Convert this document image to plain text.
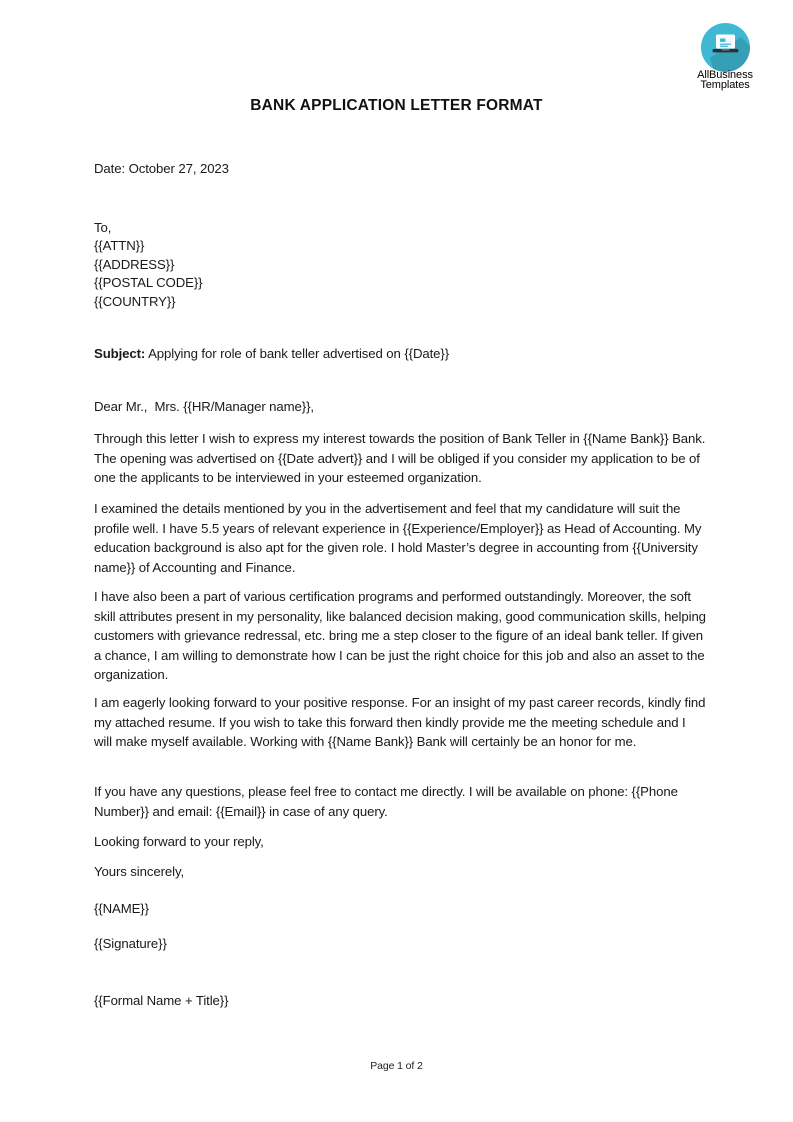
AllBusiness
Templates
BANK APPLICATION LETTER FORMAT
Date: October 27, 2023
To,
{{ATTN}}
{{ADDRESS}}
{{POSTAL CODE}}
{{COUNTRY}}
Subject: Applying for role of bank teller advertised on {{Date}}
Dear Mr.,  Mrs. {{HR/Manager name}},
Through this letter I wish to express my interest towards the position of Bank Teller in {{Name Bank}} Bank. The opening was advertised on {{Date advert}} and I will be obliged if you consider my application to be of one the applicants to be interviewed in your esteemed organization.
I examined the details mentioned by you in the advertisement and feel that my candidature will suit the profile well. I have 5.5 years of relevant experience in {{Experience/Employer}} as Head of Accounting. My education background is also apt for the given role. I hold Master’s degree in accounting from {{University name}} of Accounting and Finance.
I have also been a part of various certification programs and performed outstandingly. Moreover, the soft skill attributes present in my personality, like balanced decision making, good communication skills, helping customers with grievance redressal, etc. bring me a step closer to the figure of an ideal bank teller. If given a chance, I am willing to demonstrate how I can be just the right choice for this job and also an asset to the organization.
I am eagerly looking forward to your positive response. For an insight of my past career records, kindly find my attached resume. If you wish to take this forward then kindly provide me the meeting schedule and I will make myself available. Working with {{Name Bank}} Bank will certainly be an honor for me.
If you have any questions, please feel free to contact me directly. I will be available on phone: {{Phone Number}} and email: {{Email}} in case of any query.
Looking forward to your reply,
Yours sincerely,
{{NAME}}
{{Signature}}
{{Formal Name + Title}}
Page 1 of 2
